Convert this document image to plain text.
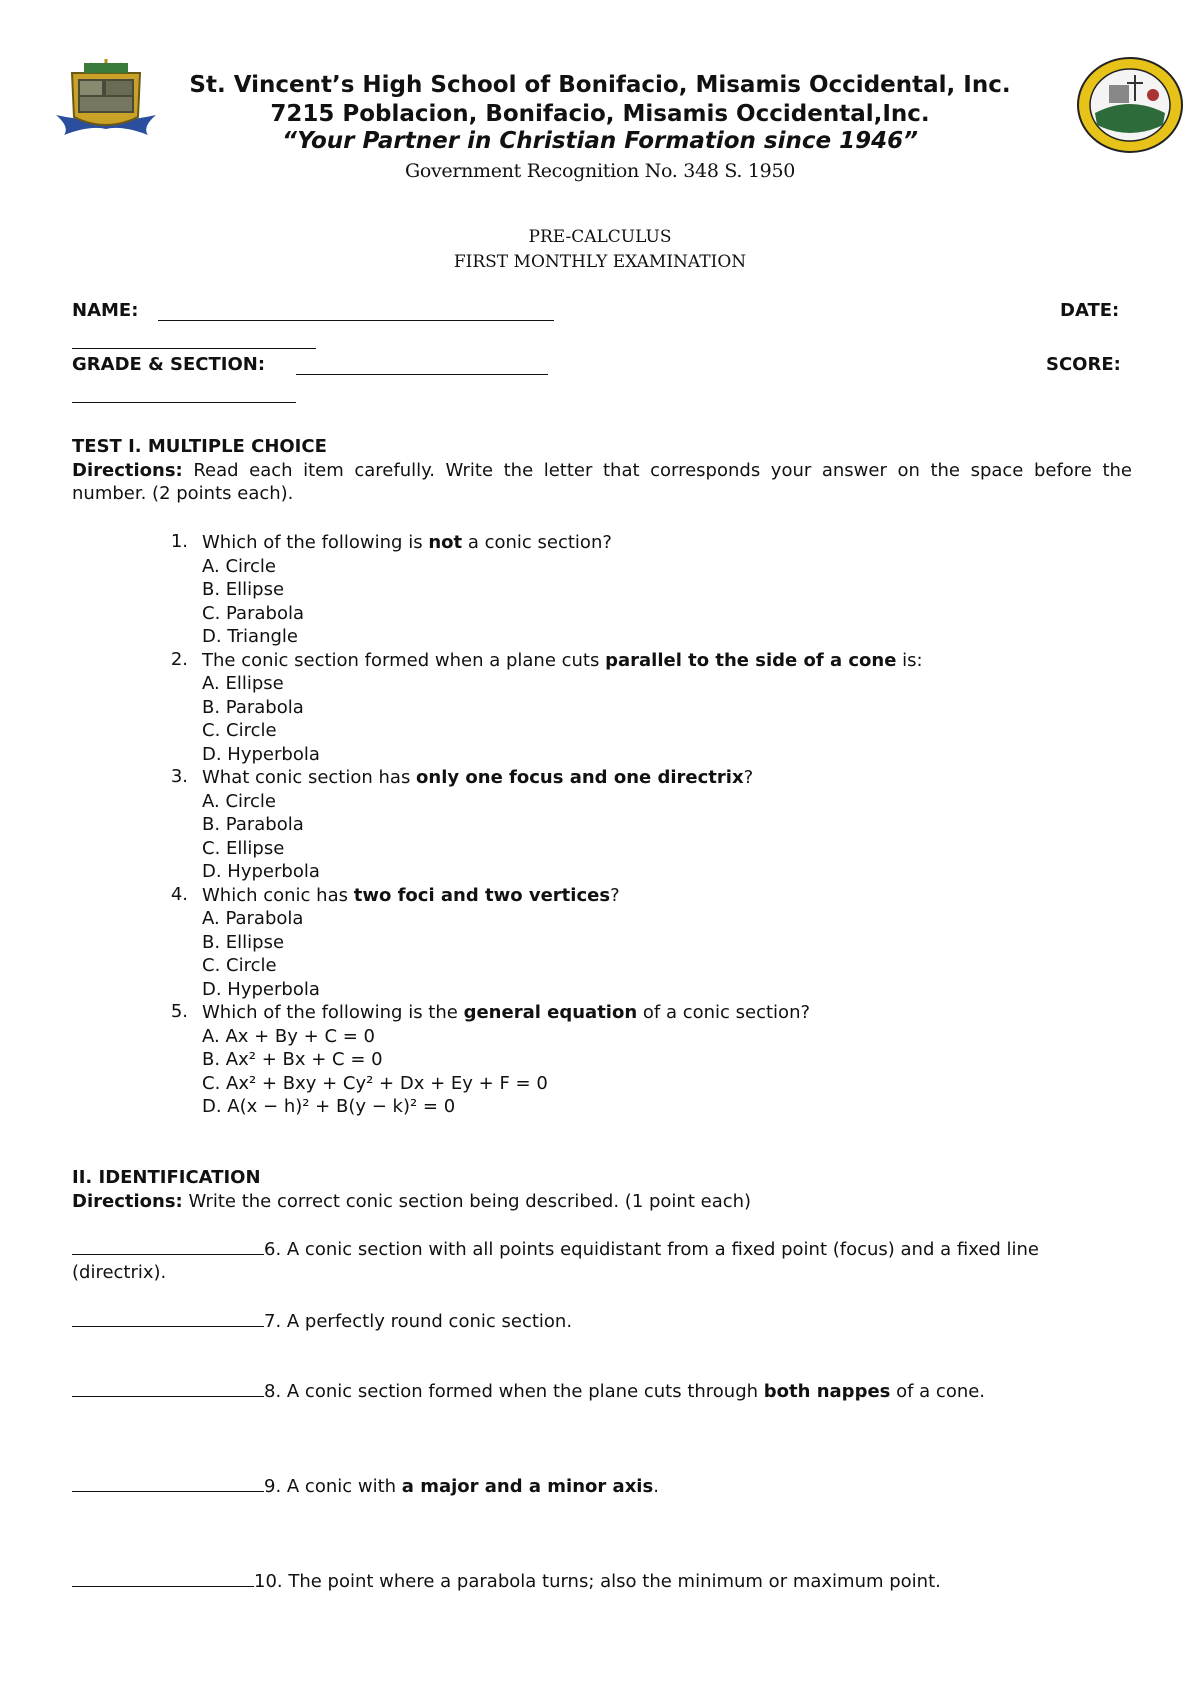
St. Vincent’s High School of Bonifacio, Misamis Occidental, Inc.
7215 Poblacion, Bonifacio, Misamis Occidental,Inc.
“Your Partner in Christian Formation since 1946”
Government Recognition No. 348 S. 1950
PRE-CALCULUS
FIRST MONTHLY EXAMINATION
NAME:	DATE:
GRADE & SECTION:	SCORE:
TEST I. MULTIPLE CHOICE
Directions: Read each item carefully. Write the letter that corresponds your answer on the space before the number. (2 points each).
1. Which of the following is not a conic section?
A. Circle
B. Ellipse
C. Parabola
D. Triangle
2. The conic section formed when a plane cuts parallel to the side of a cone is:
A. Ellipse
B. Parabola
C. Circle
D. Hyperbola
3. What conic section has only one focus and one directrix?
A. Circle
B. Parabola
C. Ellipse
D. Hyperbola
4. Which conic has two foci and two vertices?
A. Parabola
B. Ellipse
C. Circle
D. Hyperbola
5. Which of the following is the general equation of a conic section?
A. Ax + By + C = 0
B. Ax² + Bx + C = 0
C. Ax² + Bxy + Cy² + Dx + Ey + F = 0
D. A(x − h)² + B(y − k)² = 0
II. IDENTIFICATION
Directions: Write the correct conic section being described. (1 point each)
6. A conic section with all points equidistant from a fixed point (focus) and a fixed line (directrix).
7. A perfectly round conic section.
8. A conic section formed when the plane cuts through both nappes of a cone.
9. A conic with a major and a minor axis.
10. The point where a parabola turns; also the minimum or maximum point.
